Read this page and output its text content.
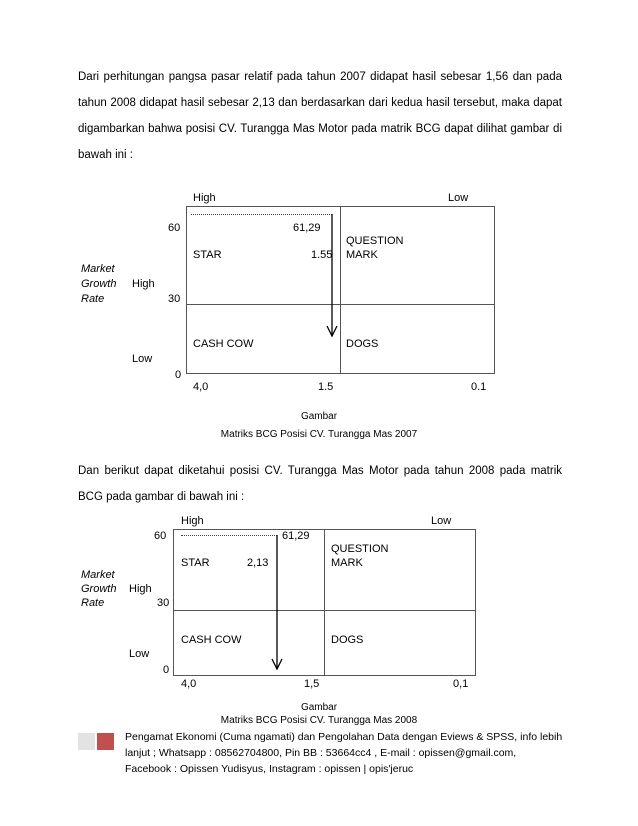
Dari perhitungan pangsa pasar relatif pada tahun 2007 didapat hasil sebesar 1,56 dan pada tahun 2008 didapat hasil sebesar 2,13 dan berdasarkan dari kedua hasil tersebut, maka dapat digambarkan bahwa posisi CV. Turangga Mas Motor pada matrik BCG dapat dilihat gambar di bawah ini :

High	Low
60
30
0
Market
Growth
Rate
High
Low
61,29
STAR	1.55
QUESTION
MARK
CASH COW	DOGS
4,0	1.5	0.1
Gambar
Matriks BCG Posisi CV. Turangga Mas 2007

Dan berikut dapat diketahui posisi CV. Turangga Mas Motor pada tahun 2008 pada matrik BCG pada gambar di bawah ini :

High	Low
60
30
0
Market
Growth
Rate
High
Low
61,29
STAR	2,13
QUESTION
MARK
CASH COW	DOGS
4,0	1,5	0,1
Gambar
Matriks BCG Posisi CV. Turangga Mas 2008
Pengamat Ekonomi (Cuma ngamati) dan Pengolahan Data dengan Eviews & SPSS, info lebih
lanjut ; Whatsapp : 08562704800, Pin BB : 53664cc4 , E-mail : opissen@gmail.com,
Facebook : Opissen Yudisyus, Instagram : opissen | opis'jeruc
